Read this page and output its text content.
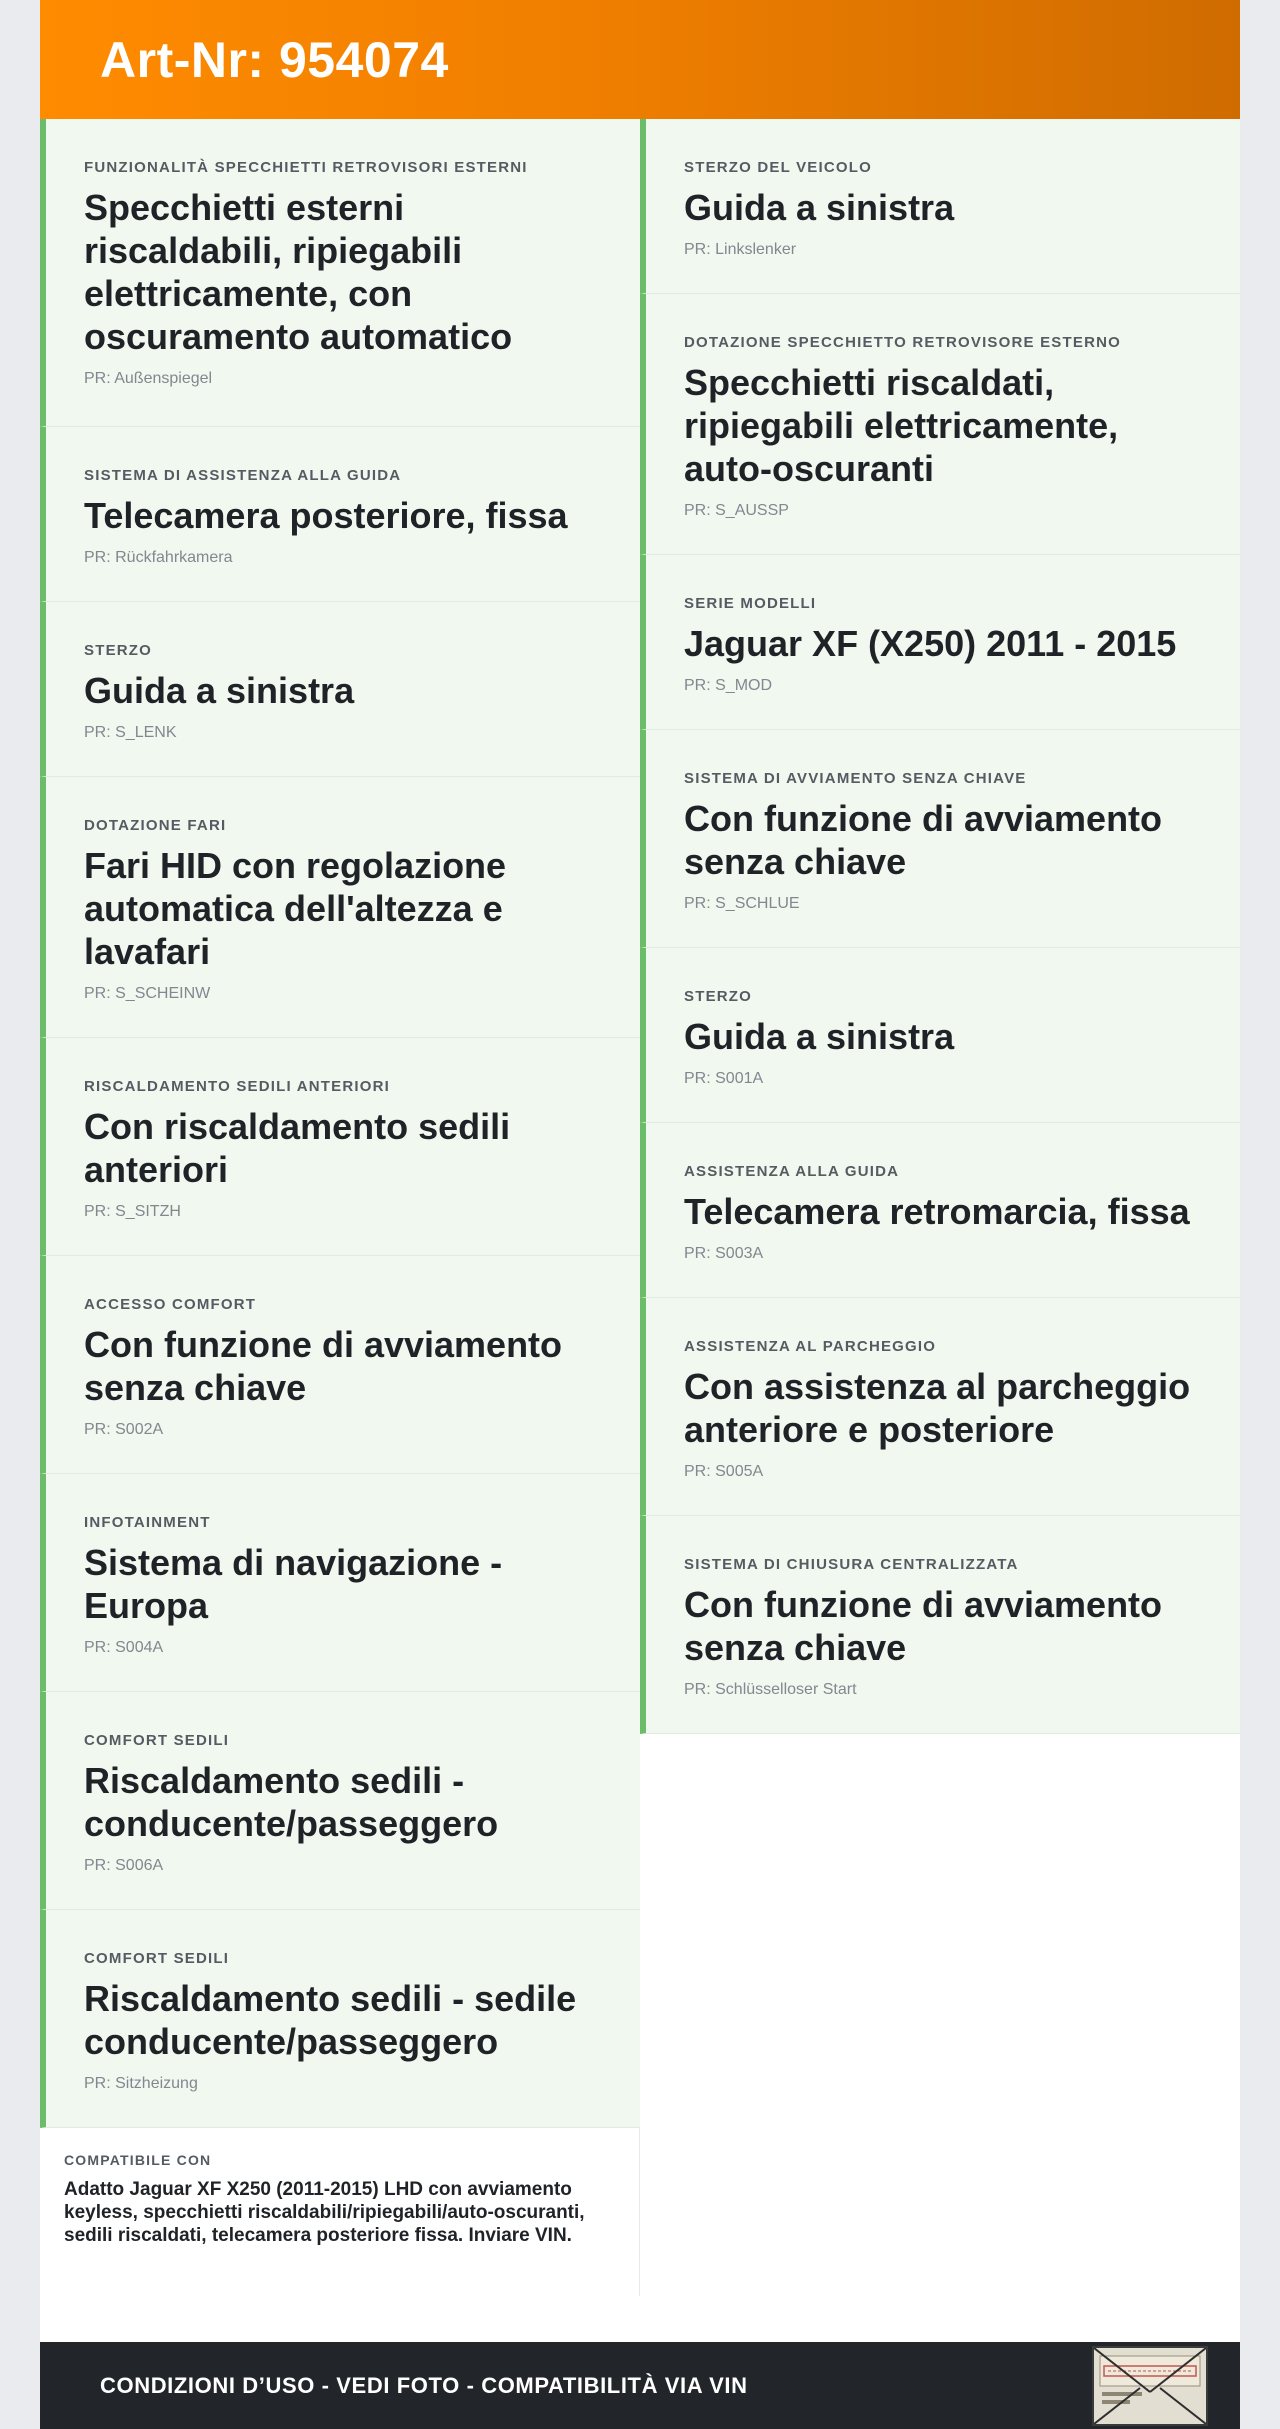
Art-Nr: 954074
FUNZIONALITÀ SPECCHIETTI RETROVISORI ESTERNI
Specchietti esterni riscaldabili, ripiegabili elettricamente, con oscuramento automatico
PR: Außenspiegel
SISTEMA DI ASSISTENZA ALLA GUIDA
Telecamera posteriore, fissa
PR: Rückfahrkamera
STERZO
Guida a sinistra
PR: S_LENK
DOTAZIONE FARI
Fari HID con regolazione automatica dell'altezza e lavafari
PR: S_SCHEINW
RISCALDAMENTO SEDILI ANTERIORI
Con riscaldamento sedili anteriori
PR: S_SITZH
ACCESSO COMFORT
Con funzione di avviamento senza chiave
PR: S002A
INFOTAINMENT
Sistema di navigazione - Europa
PR: S004A
COMFORT SEDILI
Riscaldamento sedili - conducente/passeggero
PR: S006A
COMFORT SEDILI
Riscaldamento sedili - sedile conducente/passeggero
PR: Sitzheizung
COMPATIBILE CON
Adatto Jaguar XF X250 (2011-2015) LHD con avviamento keyless, specchietti riscaldabili/ripiegabili/auto-oscuranti, sedili riscaldati, telecamera posteriore fissa. Inviare VIN.
STERZO DEL VEICOLO
Guida a sinistra
PR: Linkslenker
DOTAZIONE SPECCHIETTO RETROVISORE ESTERNO
Specchietti riscaldati, ripiegabili elettricamente, auto-oscuranti
PR: S_AUSSP
SERIE MODELLI
Jaguar XF (X250) 2011 - 2015
PR: S_MOD
SISTEMA DI AVVIAMENTO SENZA CHIAVE
Con funzione di avviamento senza chiave
PR: S_SCHLUE
STERZO
Guida a sinistra
PR: S001A
ASSISTENZA ALLA GUIDA
Telecamera retromarcia, fissa
PR: S003A
ASSISTENZA AL PARCHEGGIO
Con assistenza al parcheggio anteriore e posteriore
PR: S005A
SISTEMA DI CHIUSURA CENTRALIZZATA
Con funzione di avviamento senza chiave
PR: Schlüsselloser Start
CONDIZIONI D’USO - VEDI FOTO - COMPATIBILITÀ VIA VIN
